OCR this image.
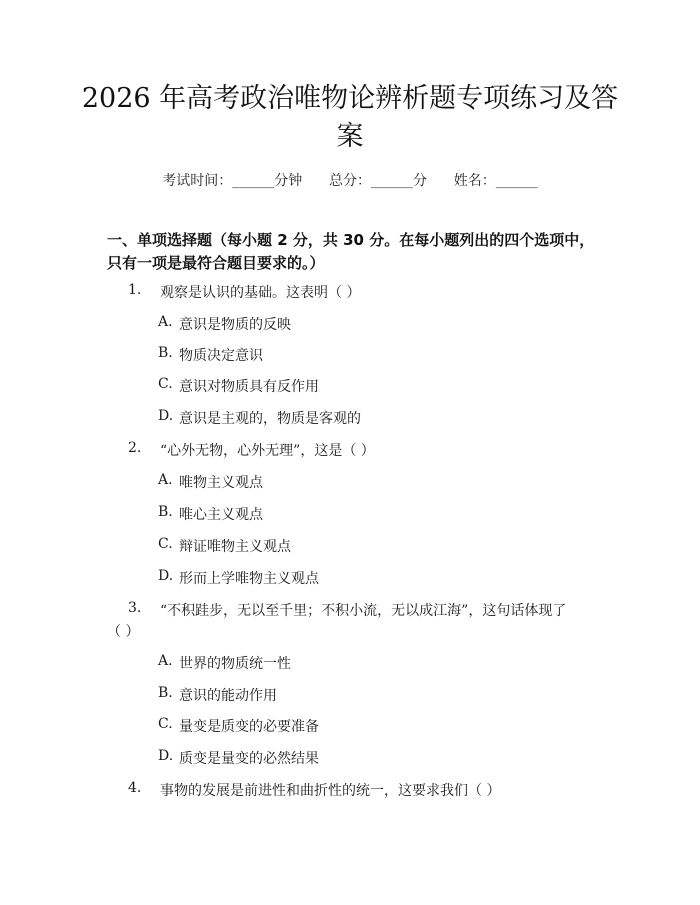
2026 年高考政治唯物论辨析题专项练习及答
案
考试时间：______分钟      总分：______分      姓名：______
一、单项选择题（每小题 2 分，共 30 分。在每小题列出的四个选项中，只有一项是最符合题目要求的。）
1. 观察是认识的基础。这表明（ ）
A. 意识是物质的反映
B. 物质决定意识
C. 意识对物质具有反作用
D. 意识是主观的，物质是客观的
2. “心外无物，心外无理”，这是（ ）
A. 唯物主义观点
B. 唯心主义观点
C. 辩证唯物主义观点
D. 形而上学唯物主义观点
3. “不积跬步，无以至千里；不积小流，无以成江海”，这句话体现了
（ ）
A. 世界的物质统一性
B. 意识的能动作用
C. 量变是质变的必要准备
D. 质变是量变的必然结果
4. 事物的发展是前进性和曲折性的统一，这要求我们（ ）
